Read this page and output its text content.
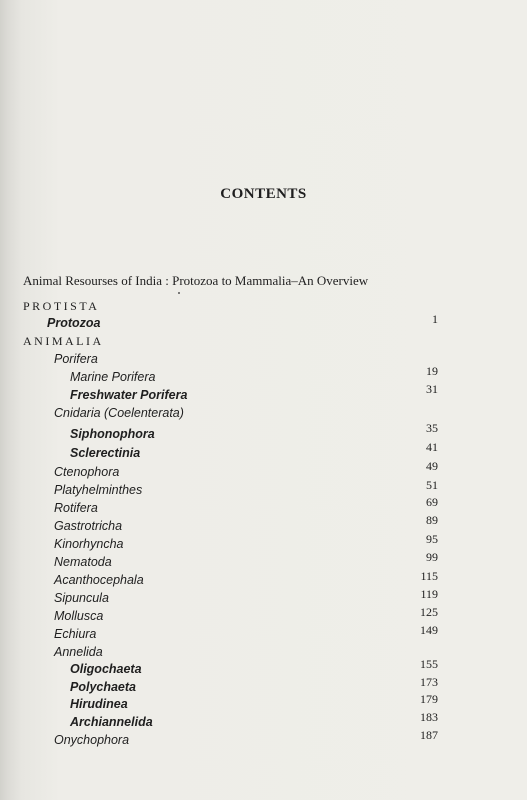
CONTENTS
Animal Resourses of India : Protozoa to Mammalia–An Overview
PROTISTA
Protozoa	1
ANIMALIA
Porifera
Marine Porifera	19
Freshwater Porifera	31
Cnidaria (Coelenterata)
Siphonophora	35
Sclerectinia	41
Ctenophora	49
Platyhelminthes	51
Rotifera	69
Gastrotricha	89
Kinorhyncha	95
Nematoda	99
Acanthocephala	115
Sipuncula	119
Mollusca	125
Echiura	149
Annelida
Oligochaeta	155
Polychaeta	173
Hirudinea	179
Archiannelida	183
Onychophora	187
